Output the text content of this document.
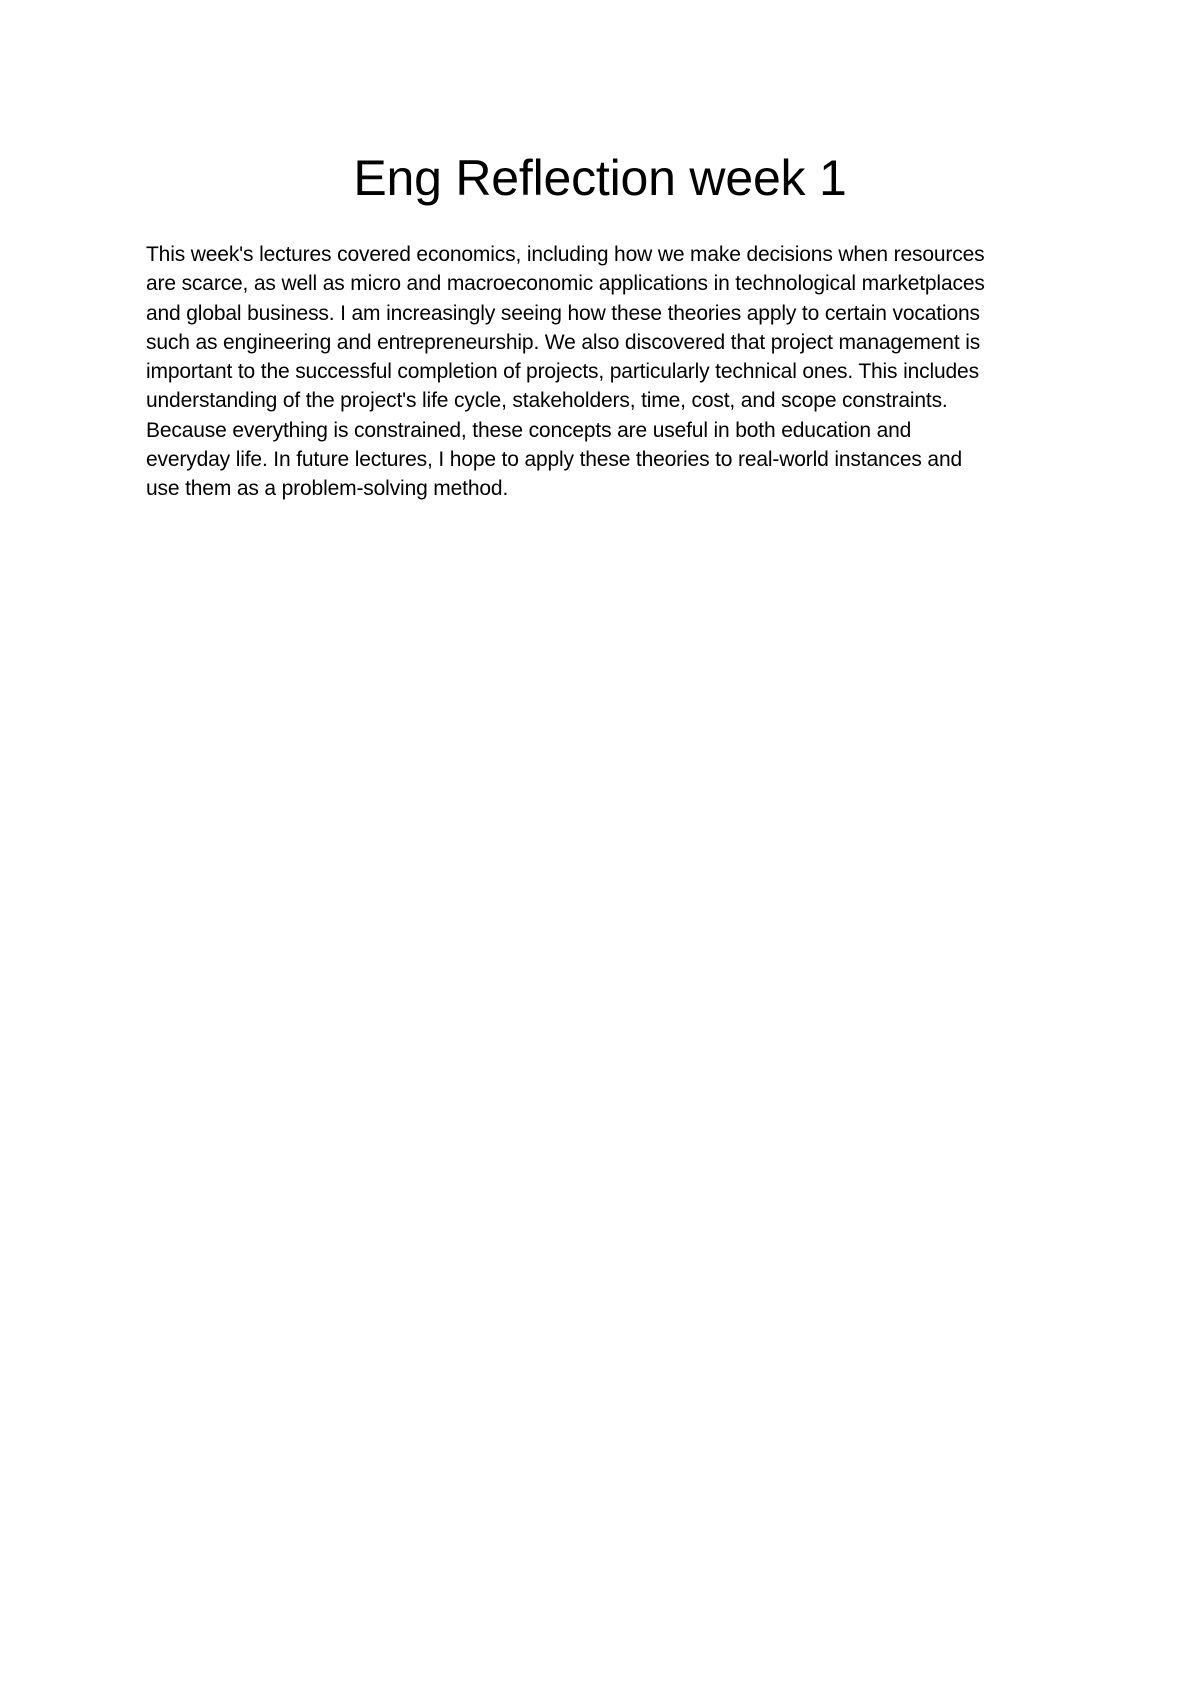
Eng Reflection week 1

This week's lectures covered economics, including how we make decisions when resources
are scarce, as well as micro and macroeconomic applications in technological marketplaces
and global business. I am increasingly seeing how these theories apply to certain vocations
such as engineering and entrepreneurship. We also discovered that project management is
important to the successful completion of projects, particularly technical ones. This includes
understanding of the project's life cycle, stakeholders, time, cost, and scope constraints.
Because everything is constrained, these concepts are useful in both education and
everyday life. In future lectures, I hope to apply these theories to real-world instances and
use them as a problem-solving method.
